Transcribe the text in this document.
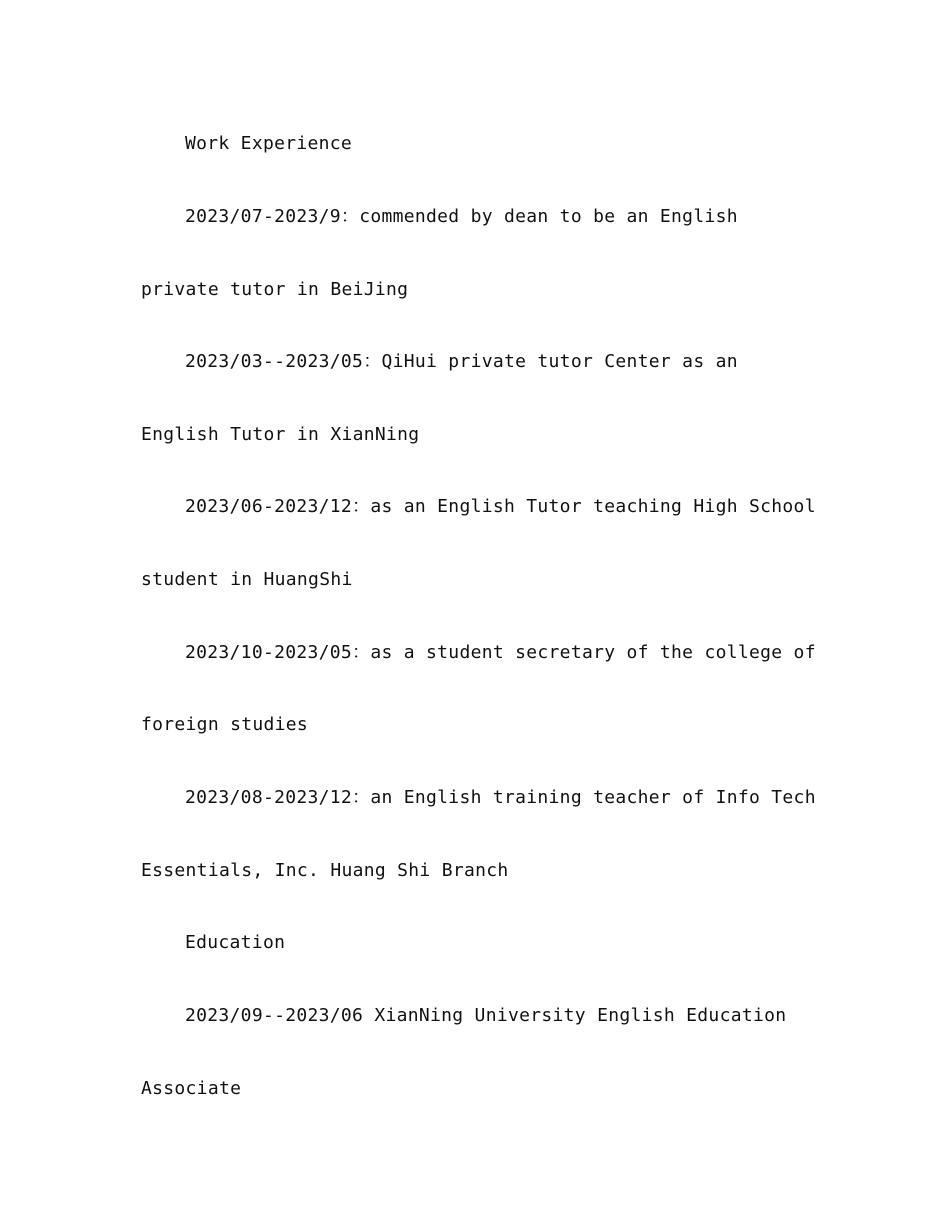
Work Experience
2023/07-2023/9：commended by dean to be an English
private tutor in BeiJing
2023/03--2023/05：QiHui private tutor Center as an
English Tutor in XianNing
2023/06-2023/12：as an English Tutor teaching High School
student in HuangShi
2023/10-2023/05：as a student secretary of the college of
foreign studies
2023/08-2023/12：an English training teacher of Info Tech
Essentials, Inc. Huang Shi Branch
Education
2023/09--2023/06 XianNing University English Education
Associate
